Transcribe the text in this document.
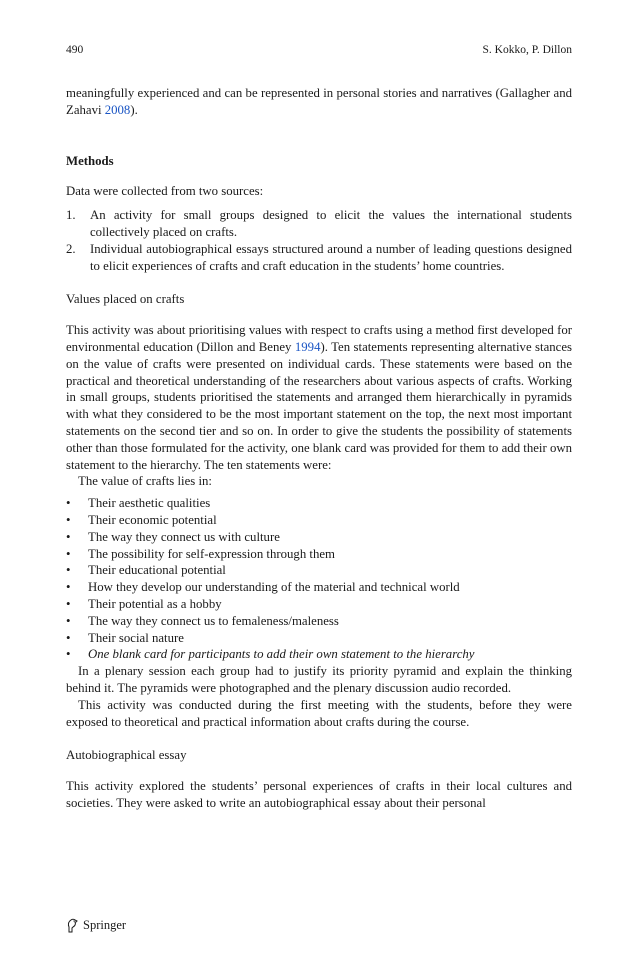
490	S. Kokko, P. Dillon

meaningfully experienced and can be represented in personal stories and narratives (Gallagher and Zahavi 2008).

Methods

Data were collected from two sources:

1. An activity for small groups designed to elicit the values the international students collectively placed on crafts.
2. Individual autobiographical essays structured around a number of leading questions designed to elicit experiences of crafts and craft education in the students’ home countries.

Values placed on crafts

This activity was about prioritising values with respect to crafts using a method first developed for environmental education (Dillon and Beney 1994). Ten statements representing alternative stances on the value of crafts were presented on individual cards. These statements were based on the practical and theoretical understanding of the researchers about various aspects of crafts. Working in small groups, students prioritised the statements and arranged them hierarchically in pyramids with what they considered to be the most important statement on the top, the next most important statements on the second tier and so on. In order to give the students the possibility of statements other than those formulated for the activity, one blank card was provided for them to add their own statement to the hierarchy. The ten statements were:

The value of crafts lies in:

• Their aesthetic qualities
• Their economic potential
• The way they connect us with culture
• The possibility for self-expression through them
• Their educational potential
• How they develop our understanding of the material and technical world
• Their potential as a hobby
• The way they connect us to femaleness/maleness
• Their social nature
• One blank card for participants to add their own statement to the hierarchy

In a plenary session each group had to justify its priority pyramid and explain the thinking behind it. The pyramids were photographed and the plenary discussion audio recorded.

This activity was conducted during the first meeting with the students, before they were exposed to theoretical and practical information about crafts during the course.

Autobiographical essay

This activity explored the students’ personal experiences of crafts in their local cultures and societies. They were asked to write an autobiographical essay about their personal

Springer
